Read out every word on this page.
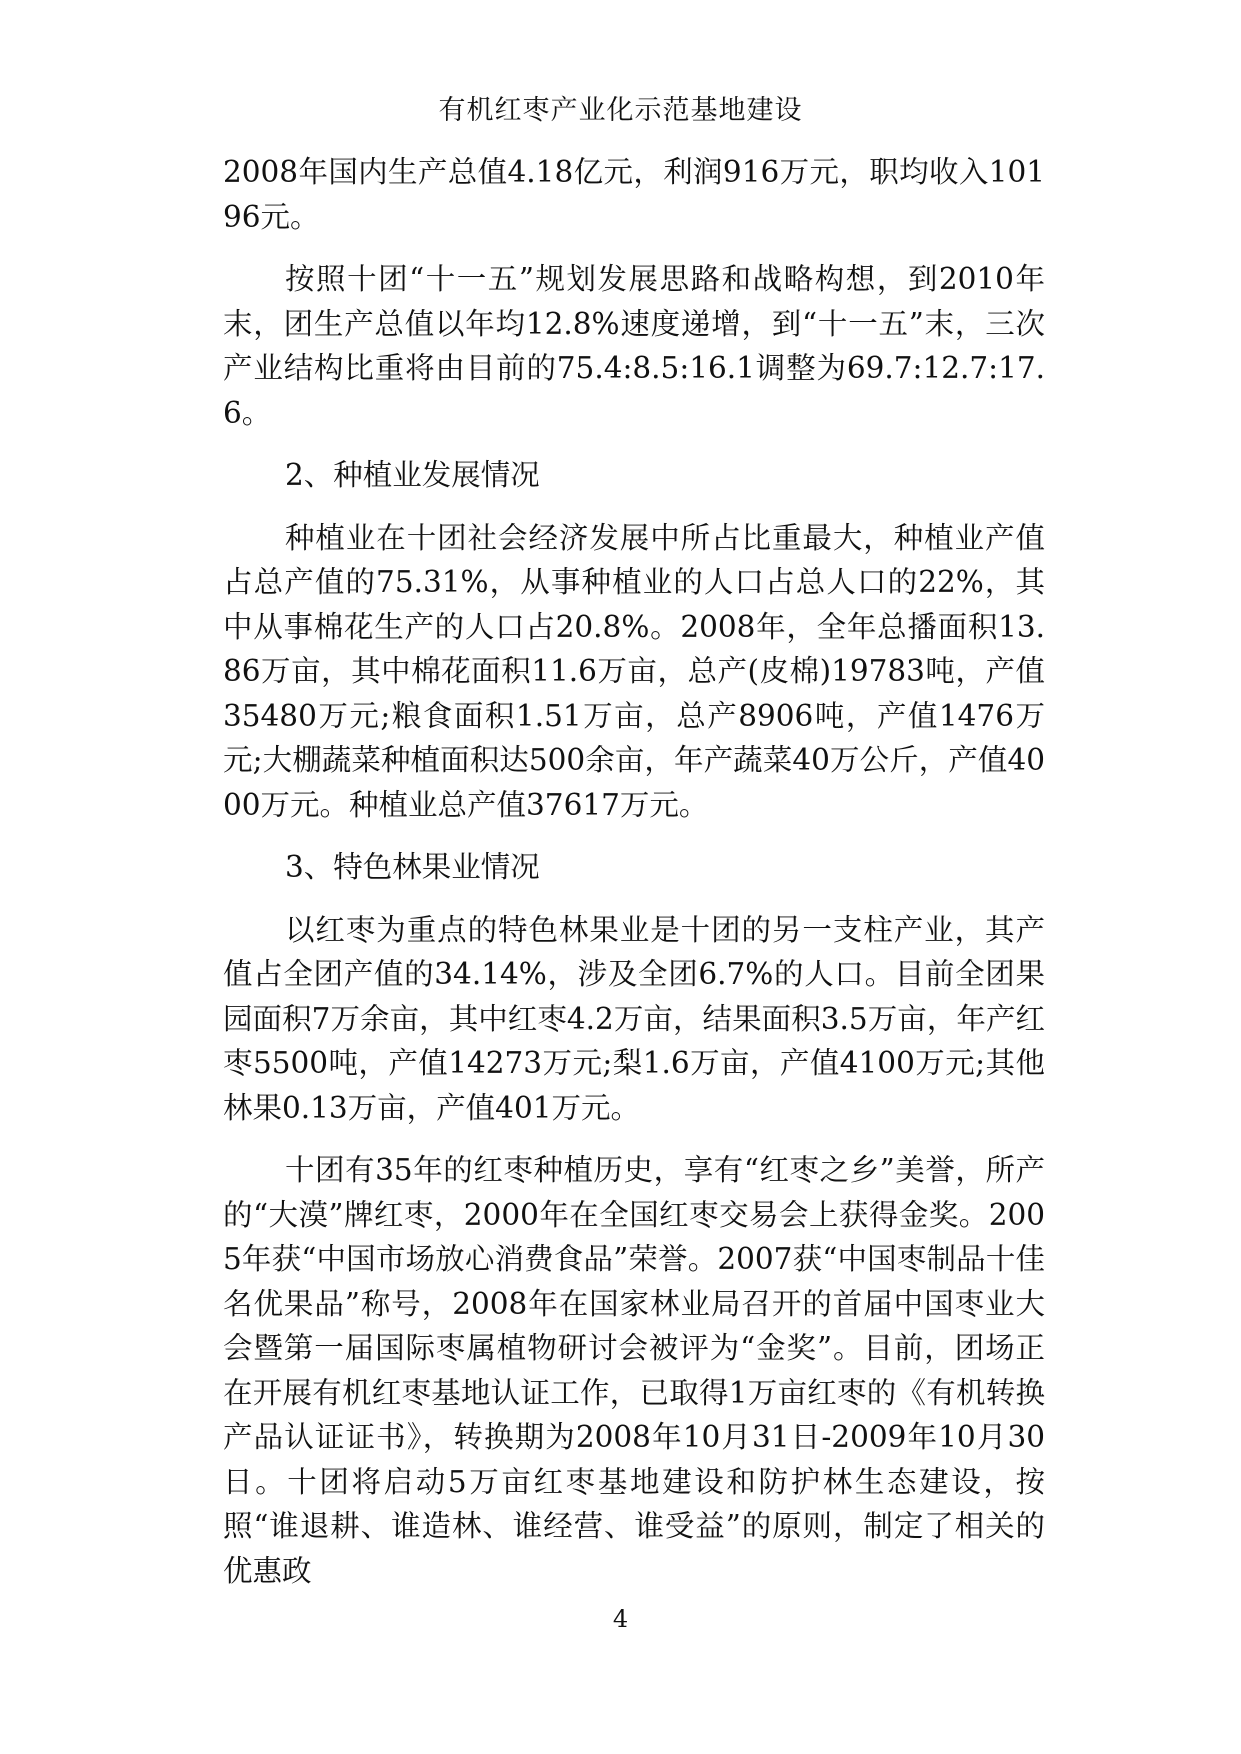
有机红枣产业化示范基地建设

2008年国内生产总值4.18亿元，利润916万元，职均收入10196元。

按照十团“十一五”规划发展思路和战略构想，到2010年末，团生产总值以年均12.8%速度递增，到“十一五”末，三次产业结构比重将由目前的75.4:8.5:16.1调整为69.7:12.7:17.6。

2、种植业发展情况

种植业在十团社会经济发展中所占比重最大，种植业产值占总产值的75.31%，从事种植业的人口占总人口的22%，其中从事棉花生产的人口占20.8%。2008年，全年总播面积13.86万亩，其中棉花面积11.6万亩，总产(皮棉)19783吨，产值35480万元;粮食面积1.51万亩，总产8906吨，产值1476万元;大棚蔬菜种植面积达500余亩，年产蔬菜40万公斤，产值4000万元。种植业总产值37617万元。

3、特色林果业情况

以红枣为重点的特色林果业是十团的另一支柱产业，其产值占全团产值的34.14%，涉及全团6.7%的人口。目前全团果园面积7万余亩，其中红枣4.2万亩，结果面积3.5万亩，年产红枣5500吨，产值14273万元;梨1.6万亩，产值4100万元;其他林果0.13万亩，产值401万元。

十团有35年的红枣种植历史，享有“红枣之乡”美誉，所产的“大漠”牌红枣，2000年在全国红枣交易会上获得金奖。2005年获“中国市场放心消费食品”荣誉。2007获“中国枣制品十佳名优果品”称号，2008年在国家林业局召开的首届中国枣业大会暨第一届国际枣属植物研讨会被评为“金奖”。目前，团场正在开展有机红枣基地认证工作，已取得1万亩红枣的《有机转换产品认证证书》，转换期为2008年10月31日-2009年10月30日。十团将启动5万亩红枣基地建设和防护林生态建设，按照“谁退耕、谁造林、谁经营、谁受益”的原则，制定了相关的优惠政

4
